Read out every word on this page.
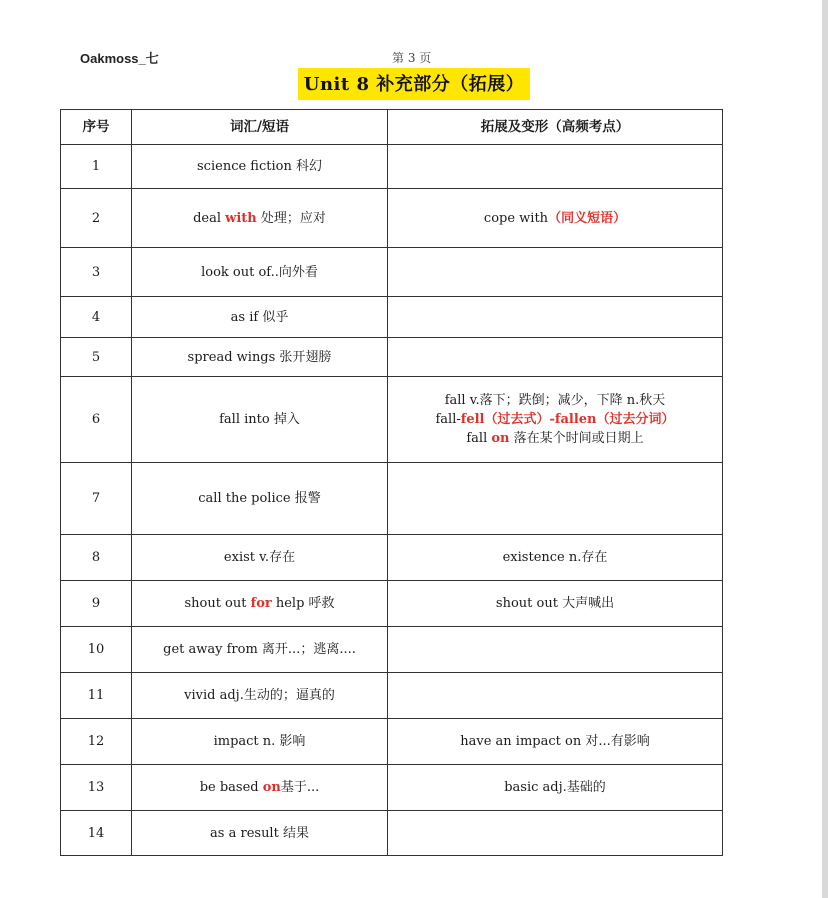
Oakmoss_七	第 3 页
Unit 8 补充部分（拓展）
序号	词汇/短语	拓展及变形（高频考点）
1	science fiction 科幻	
2	deal with 处理；应对	cope with（同义短语）

3	look out of..向外看	
4	as if 似乎	
5	spread wings 张开翅膀	
6	fall into 掉入	fall v.落下；跌倒；减少，下降 n.秋天
fall-fell（过去式）-fallen（过去分词）
fall on 落在某个时间或日期上

7	call the police 报警	
8	exist v.存在	existence n.存在

9	shout out for help 呼救	shout out 大声喊出

10	get away from 离开...；逃离....	
11	vivid adj.生动的；逼真的	
12	impact n. 影响	have an impact on 对...有影响

13	be based on基于...	basic adj.基础的

14	as a result 结果	
